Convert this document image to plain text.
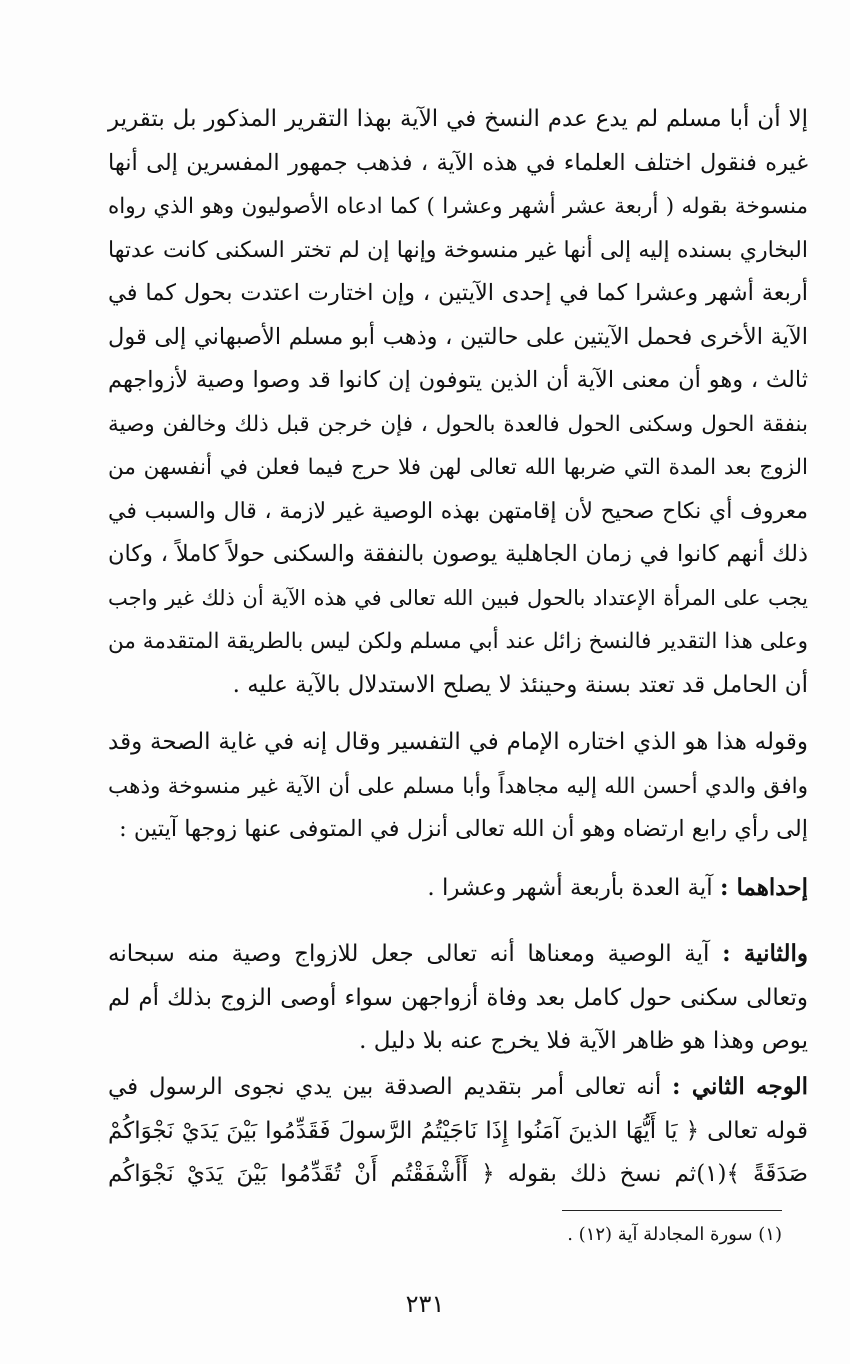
إلا أن أبا مسلم لم يدع عدم النسخ في الآية بهذا التقرير المذكور بل بتقرير
غيره فنقول اختلف العلماء في هذه الآية ، فذهب جمهور المفسرين إلى أنها
منسوخة بقوله ( أربعة عشر أشهر وعشرا ) كما ادعاه الأصوليون وهو الذي رواه
البخاري بسنده إليه إلى أنها غير منسوخة وإنها إن لم تختر السكنى كانت عدتها
أربعة أشهر وعشرا كما في إحدى الآيتين ، وإن اختارت اعتدت بحول كما في
الآية الأخرى فحمل الآيتين على حالتين ، وذهب أبو مسلم الأصبهاني إلى قول
ثالث ، وهو أن معنى الآية أن الذين يتوفون إن كانوا قد وصوا وصية لأزواجهم
بنفقة الحول وسكنى الحول فالعدة بالحول ، فإن خرجن قبل ذلك وخالفن وصية
الزوج بعد المدة التي ضربها الله تعالى لهن فلا حرج فيما فعلن في أنفسهن من
معروف أي نكاح صحيح لأن إقامتهن بهذه الوصية غير لازمة ، قال والسبب في
ذلك أنهم كانوا في زمان الجاهلية يوصون بالنفقة والسكنى حولاً كاملاً ، وكان
يجب على المرأة الإعتداد بالحول فبين الله تعالى في هذه الآية أن ذلك غير واجب
وعلى هذا التقدير فالنسخ زائل عند أبي مسلم ولكن ليس بالطريقة المتقدمة من
أن الحامل قد تعتد بسنة وحينئذ لا يصلح الاستدلال بالآية عليه .
وقوله هذا هو الذي اختاره الإمام في التفسير وقال إنه في غاية الصحة وقد
وافق والدي أحسن الله إليه مجاهداً وأبا مسلم على أن الآية غير منسوخة وذهب
إلى رأي رابع ارتضاه وهو أن الله تعالى أنزل في المتوفى عنها زوجها آيتين :
إحداهما : آية العدة بأربعة أشهر وعشرا .
والثانية : آية الوصية ومعناها أنه تعالى جعل للازواج وصية منه سبحانه
وتعالى سكنى حول كامل بعد وفاة أزواجهن سواء أوصى الزوج بذلك أم لم
يوص وهذا هو ظاهر الآية فلا يخرج عنه بلا دليل .
الوجه الثاني : أنه تعالى أمر بتقديم الصدقة بين يدي نجوى الرسول في
قوله تعالى ﴿ يَا أَيُّهَا الذينَ آمَنُوا إِذَا نَاجَيْتُمُ الرَّسولَ فَقَدِّمُوا بَيْنَ يَدَيْ نَجْوَاكُمْ
صَدَقَةً ﴾(١)ثم نسخ ذلك بقوله ﴿ أَأَشْفَقْتُم أَنْ تُقَدِّمُوا بَيْنَ يَدَيْ نَجْوَاكُم
(١) سورة المجادلة آية (١٢) .
٢٣١
